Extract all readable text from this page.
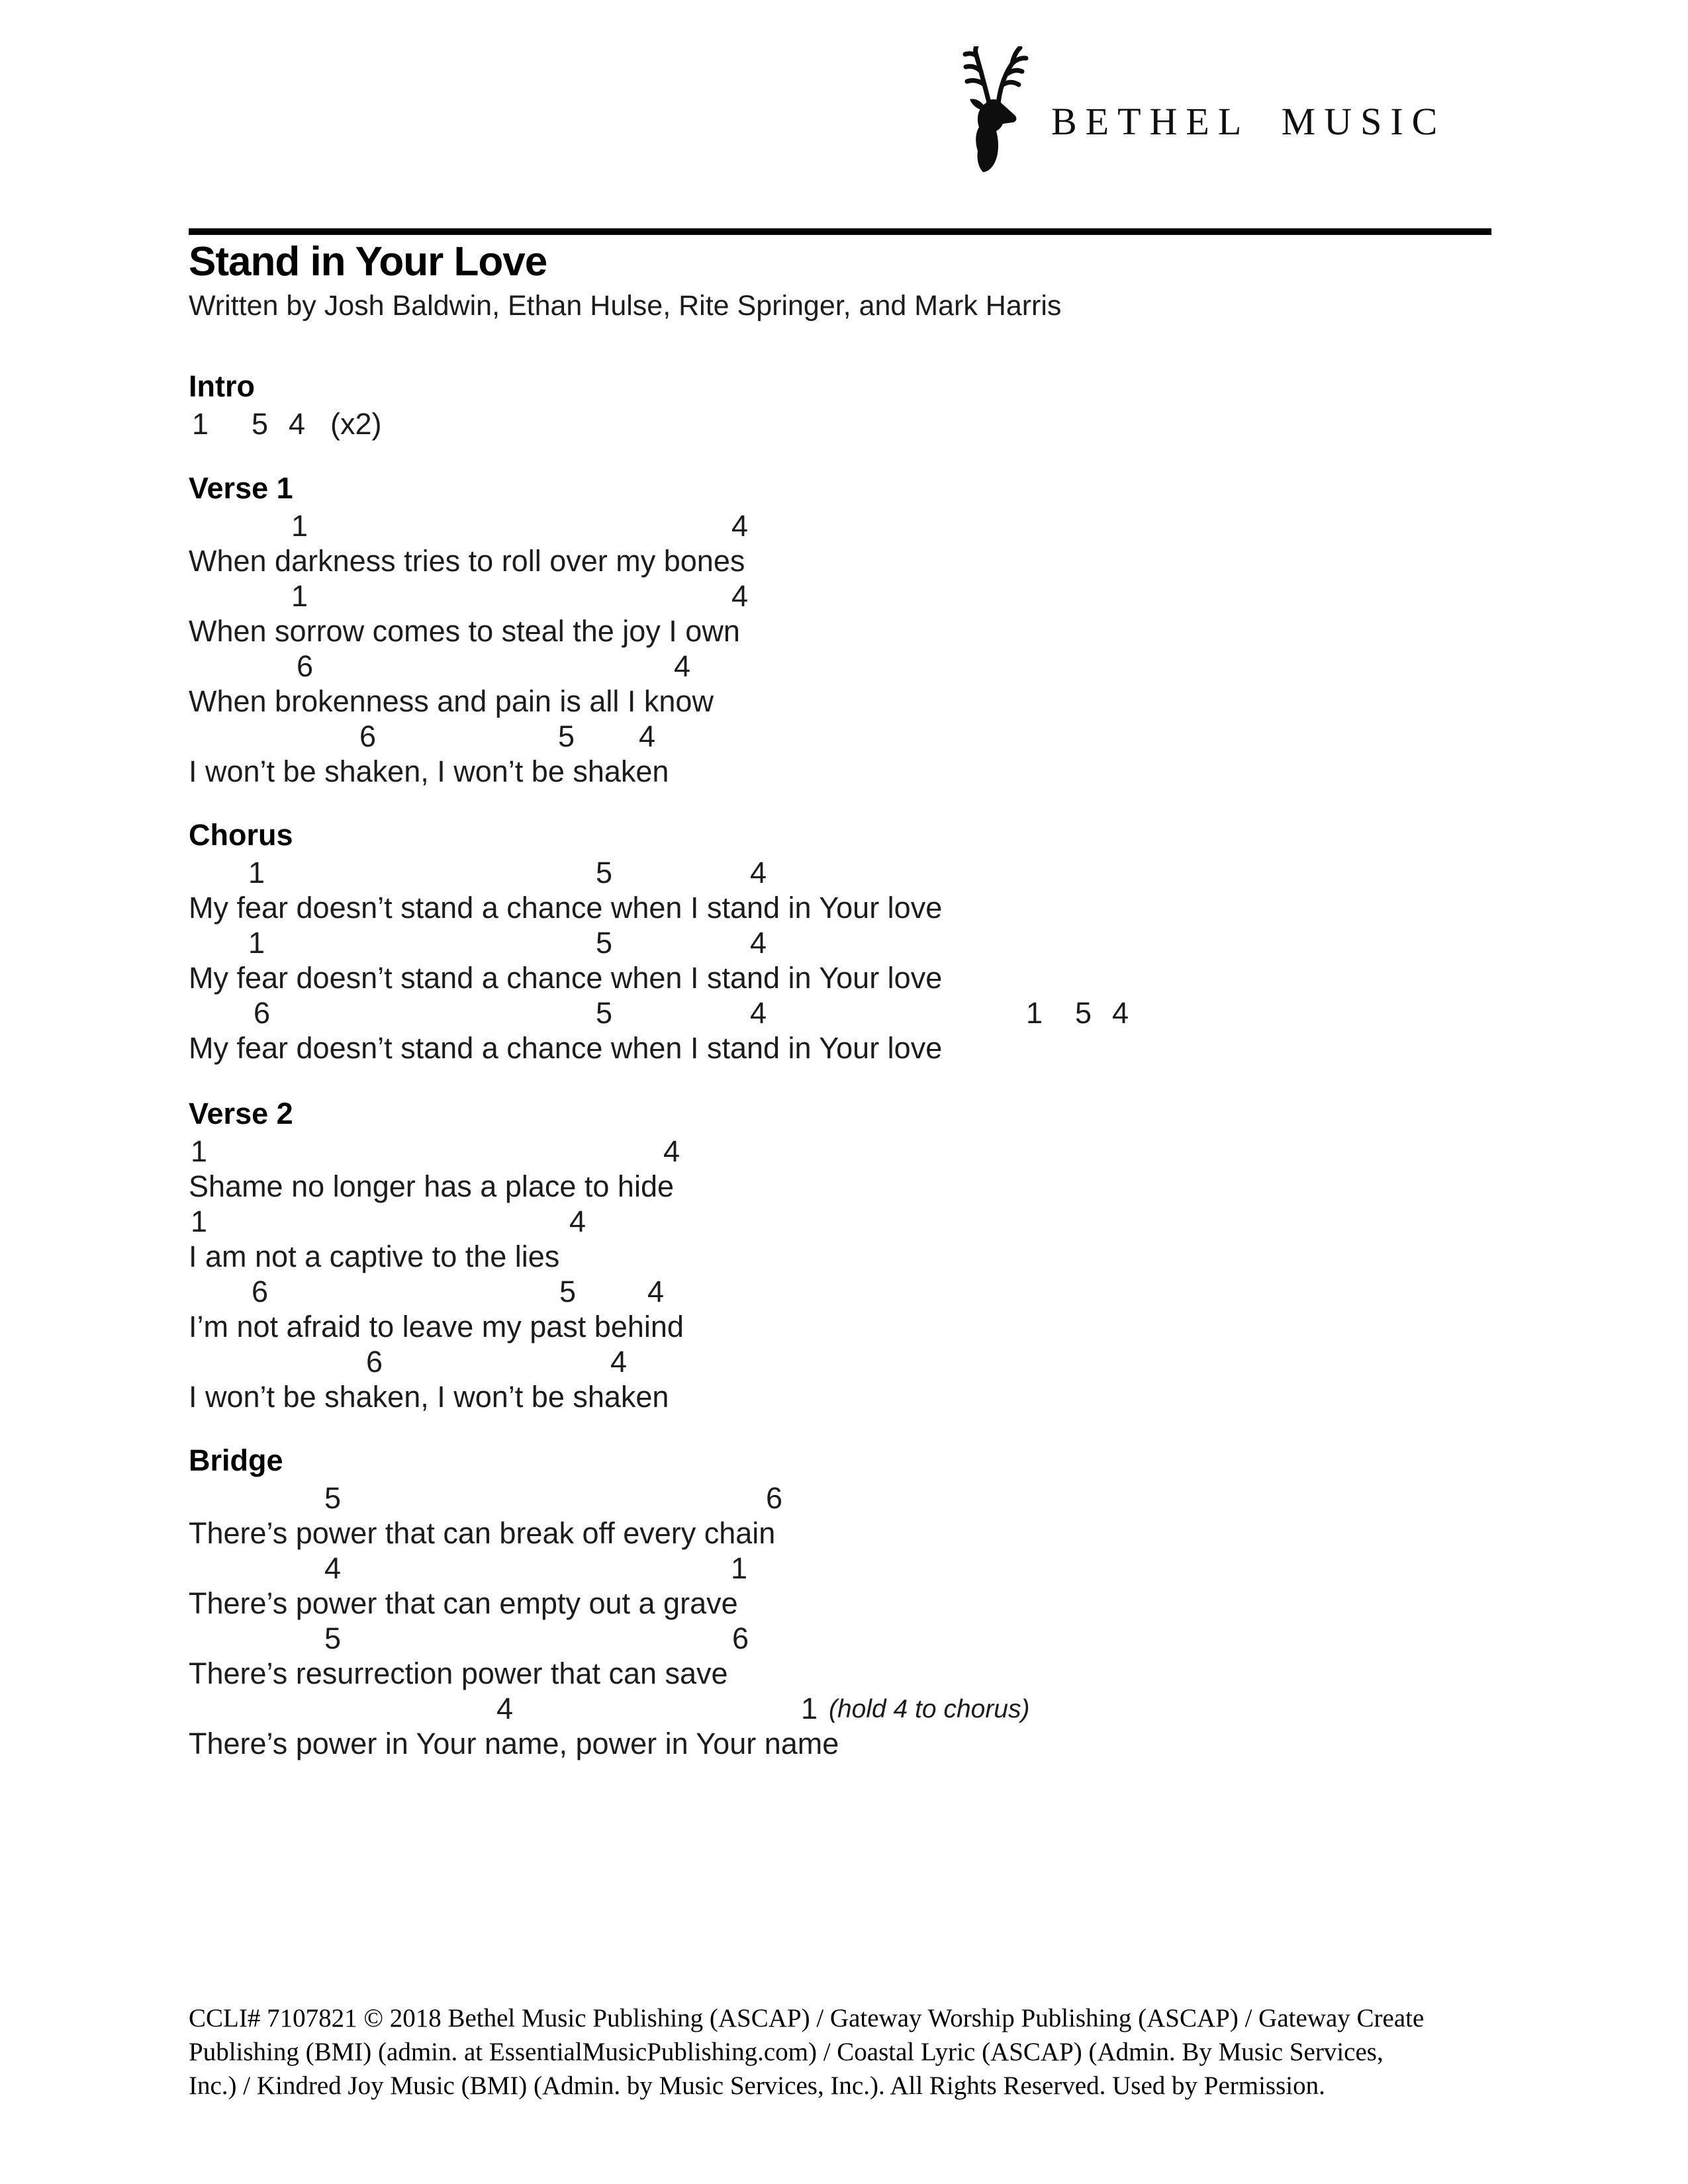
BETHEL MUSIC
Stand in Your Love
Written by Josh Baldwin, Ethan Hulse, Rite Springer, and Mark Harris
Intro
1 5 4 (x2)
Verse 1
1	4
When darkness tries to roll over my bones
1	4
When sorrow comes to steal the joy I own
6	4
When brokenness and pain is all I know
6	5 4
I won’t be shaken, I won’t be shaken
Chorus
1	5	4
My fear doesn’t stand a chance when I stand in Your love
1	5	4
My fear doesn’t stand a chance when I stand in Your love
6	5	4	1 5 4
My fear doesn’t stand a chance when I stand in Your love
Verse 2
1	4
Shame no longer has a place to hide
1	4
I am not a captive to the lies
6	5 4
I’m not afraid to leave my past behind
6	4
I won’t be shaken, I won’t be shaken
Bridge
5	6
There’s power that can break off every chain
4	1
There’s power that can empty out a grave
5	6
There’s resurrection power that can save
4	1 (hold 4 to chorus)
There’s power in Your name, power in Your name
CCLI# 7107821 © 2018 Bethel Music Publishing (ASCAP) / Gateway Worship Publishing (ASCAP) / Gateway Create
Publishing (BMI) (admin. at EssentialMusicPublishing.com) / Coastal Lyric (ASCAP) (Admin. By Music Services,
Inc.) / Kindred Joy Music (BMI) (Admin. by Music Services, Inc.). All Rights Reserved. Used by Permission.
